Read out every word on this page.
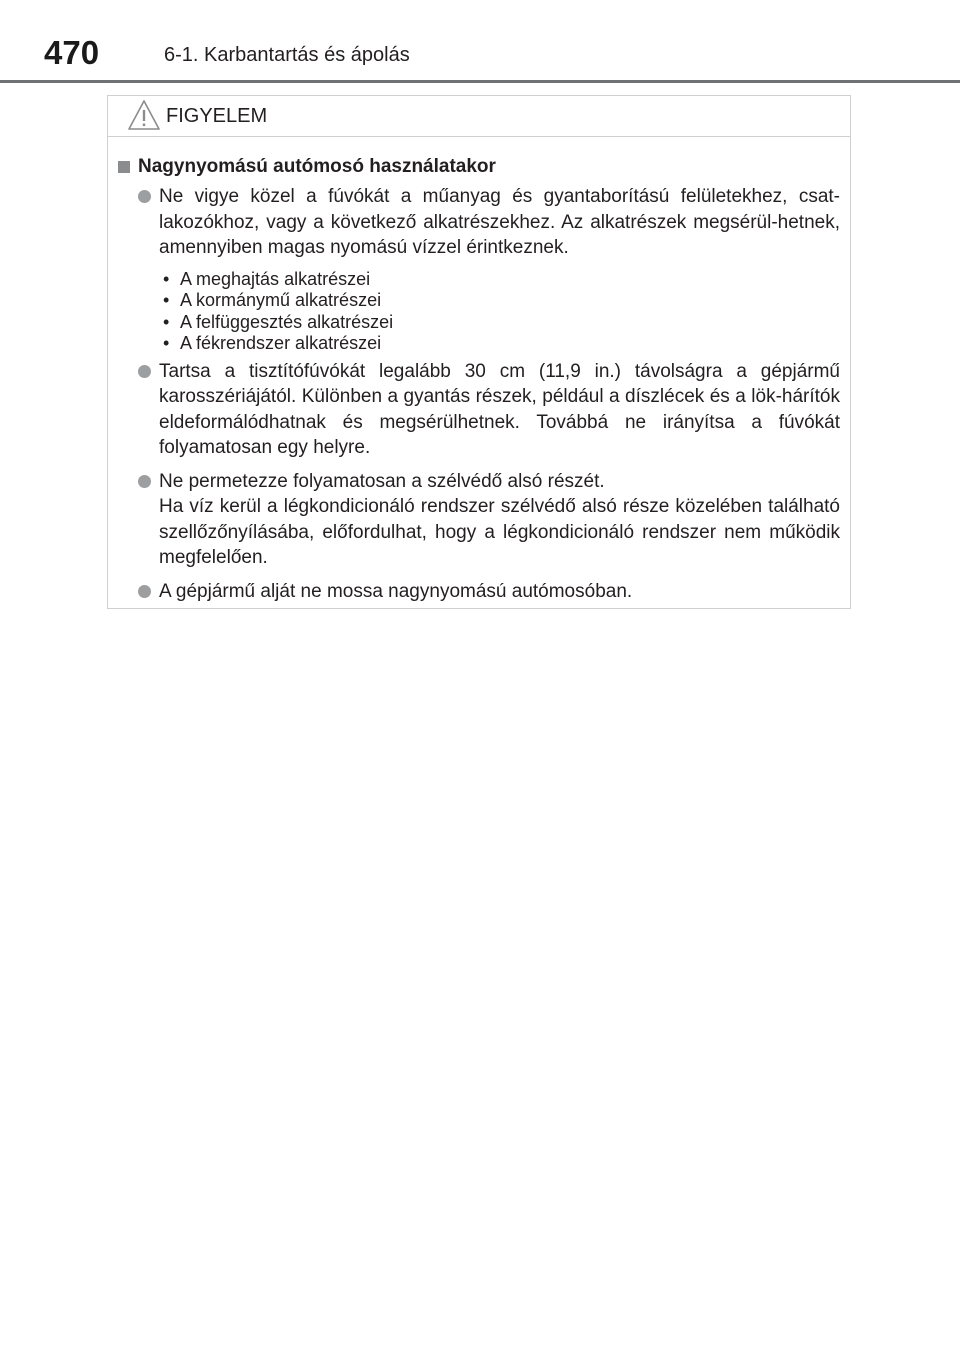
470	6-1. Karbantartás és ápolás
FIGYELEM
Nagynyomású autómosó használatakor
Ne vigye közel a fúvókát a műanyag és gyantaborítású felületekhez, csat-lakozókhoz, vagy a következő alkatrészekhez. Az alkatrészek megsérül-hetnek, amennyiben magas nyomású vízzel érintkeznek.
• A meghajtás alkatrészei
• A kormánymű alkatrészei
• A felfüggesztés alkatrészei
• A fékrendszer alkatrészei
Tartsa a tisztítófúvókát legalább 30 cm (11,9 in.) távolságra a gépjármű karosszériájától. Különben a gyantás részek, például a díszlécek és a lök-hárítók eldeformálódhatnak és megsérülhetnek. Továbbá ne irányítsa a fúvókát folyamatosan egy helyre.
Ne permetezze folyamatosan a szélvédő alsó részét.
Ha víz kerül a légkondicionáló rendszer szélvédő alsó része közelében található szellőzőnyílásába, előfordulhat, hogy a légkondicionáló rendszer nem működik megfelelően.
A gépjármű alját ne mossa nagynyomású autómosóban.
